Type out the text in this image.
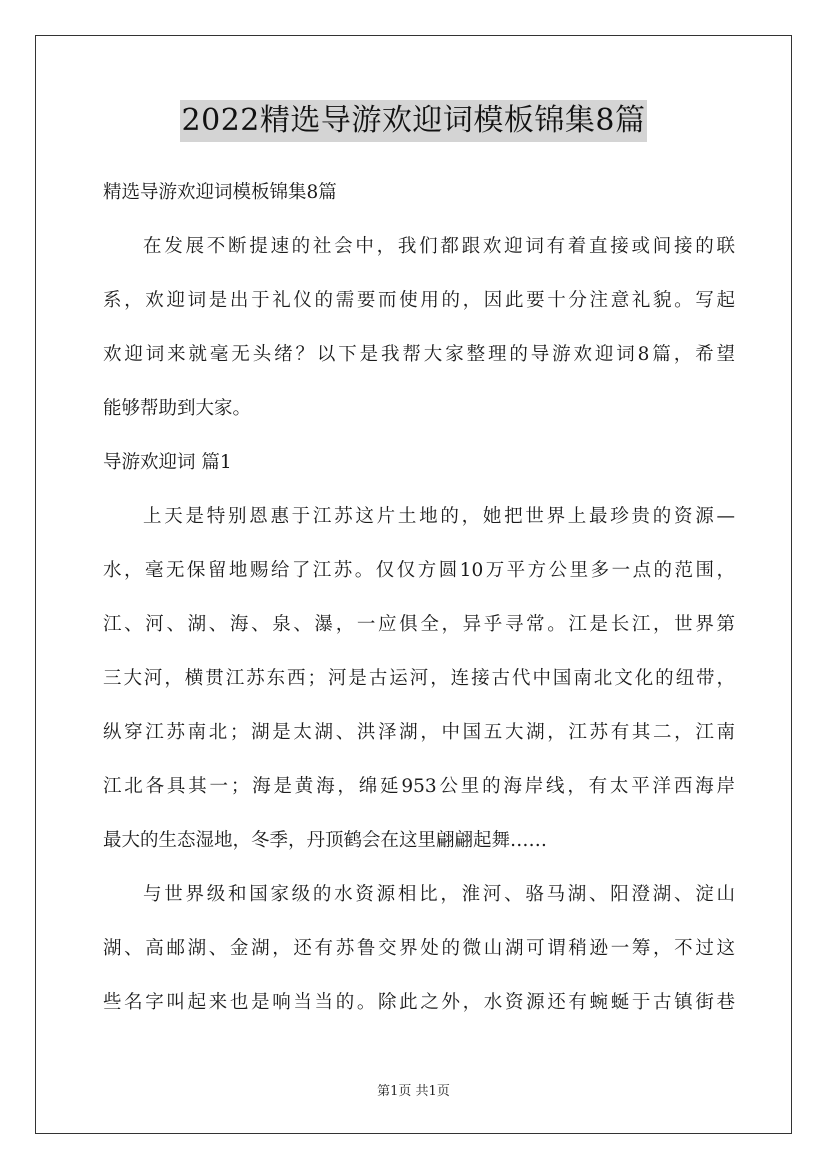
2022精选导游欢迎词模板锦集8篇
精选导游欢迎词模板锦集8篇
在发展不断提速的社会中，我们都跟欢迎词有着直接或间接的联
系，欢迎词是出于礼仪的需要而使用的，因此要十分注意礼貌。写起
欢迎词来就毫无头绪？以下是我帮大家整理的导游欢迎词8篇，希望
能够帮助到大家。
导游欢迎词 篇1
上天是特别恩惠于江苏这片土地的，她把世界上最珍贵的资源—
水，毫无保留地赐给了江苏。仅仅方圆10万平方公里多一点的范围，
江、河、湖、海、泉、瀑，一应俱全，异乎寻常。江是长江，世界第
三大河，横贯江苏东西；河是古运河，连接古代中国南北文化的纽带，
纵穿江苏南北；湖是太湖、洪泽湖，中国五大湖，江苏有其二，江南
江北各具其一；海是黄海，绵延953公里的海岸线，有太平洋西海岸
最大的生态湿地，冬季，丹顶鹤会在这里翩翩起舞……
与世界级和国家级的水资源相比，淮河、骆马湖、阳澄湖、淀山
湖、高邮湖、金湖，还有苏鲁交界处的微山湖可谓稍逊一筹，不过这
些名字叫起来也是响当当的。除此之外，水资源还有蜿蜒于古镇街巷
第1页 共1页
